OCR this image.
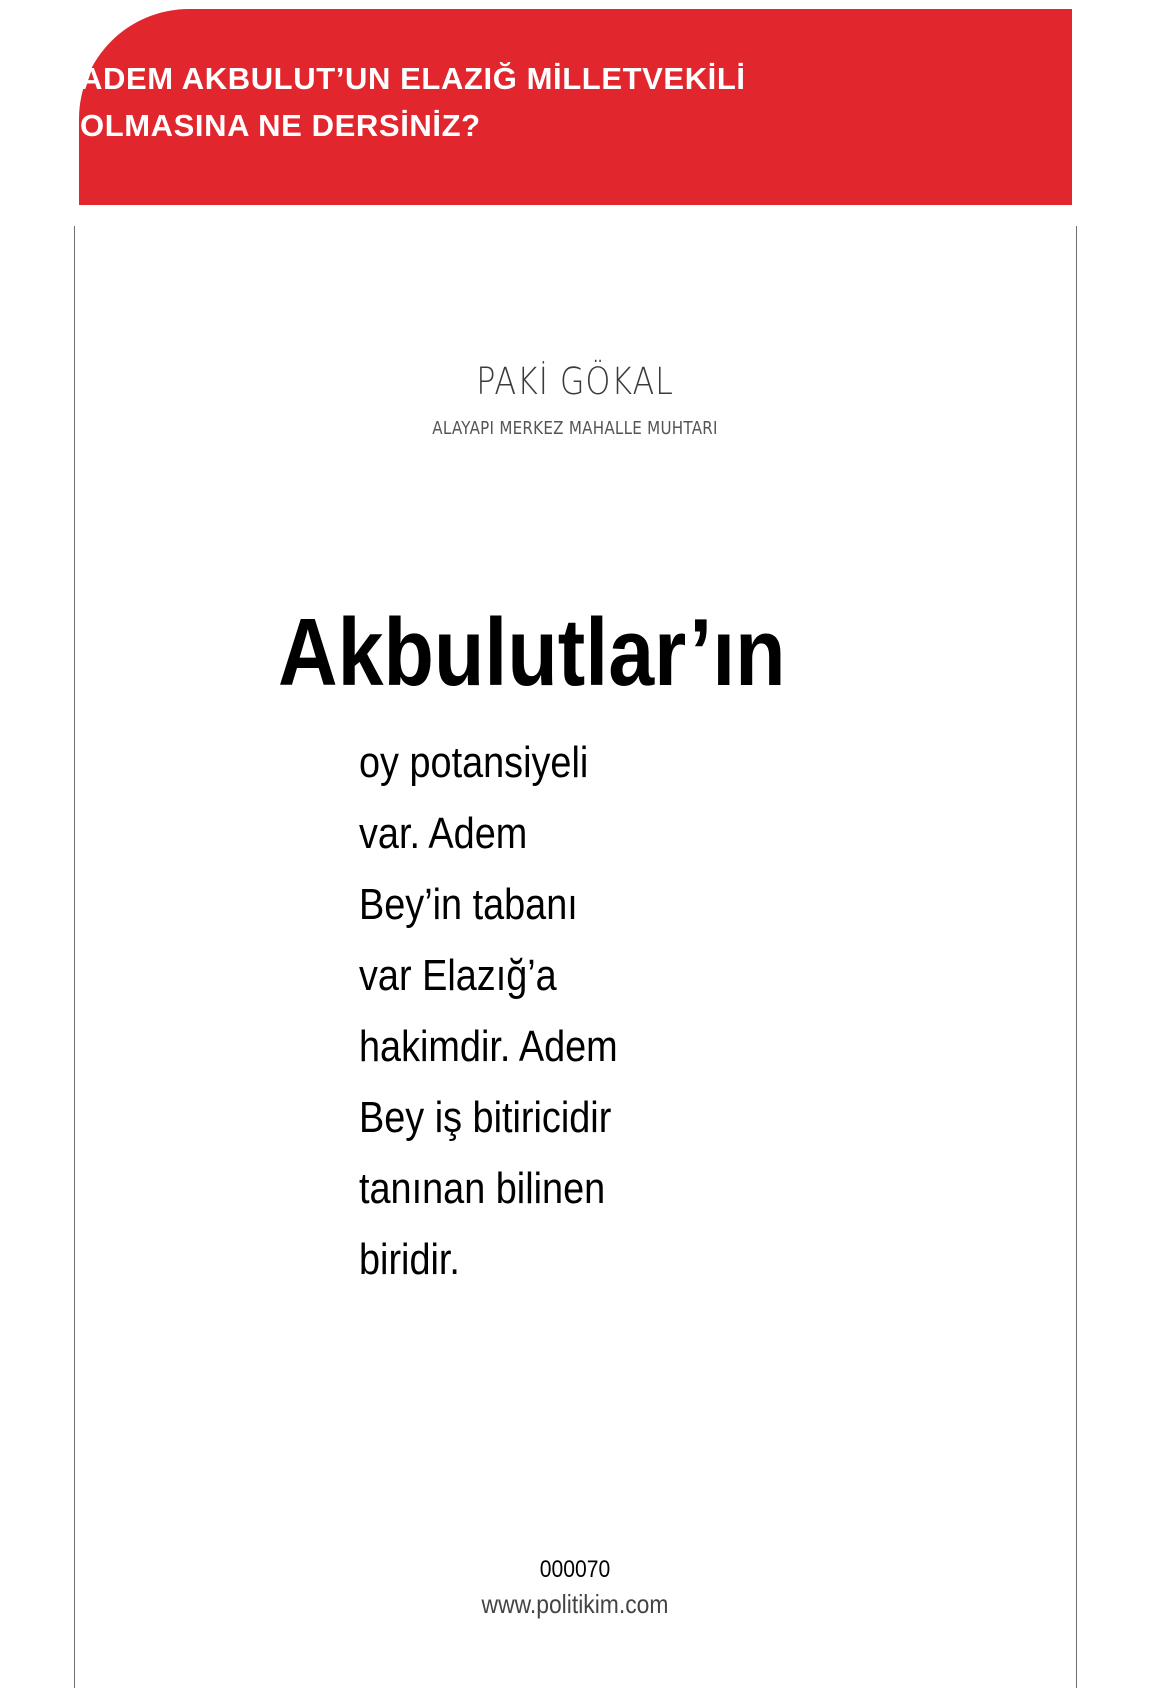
ADEM AKBULUT’UN ELAZIĞ MİLLETVEKİLİ
OLMASINA NE DERSİNİZ?
PAKİ GÖKAL
ALAYAPI MERKEZ MAHALLE MUHTARI
Akbulutlar’ın

oy potansiyeli
var. Adem
Bey’in tabanı
var Elazığ’a
hakimdir. Adem
Bey iş bitiricidir
tanınan bilinen
biridir.

000070
www.politikim.com
